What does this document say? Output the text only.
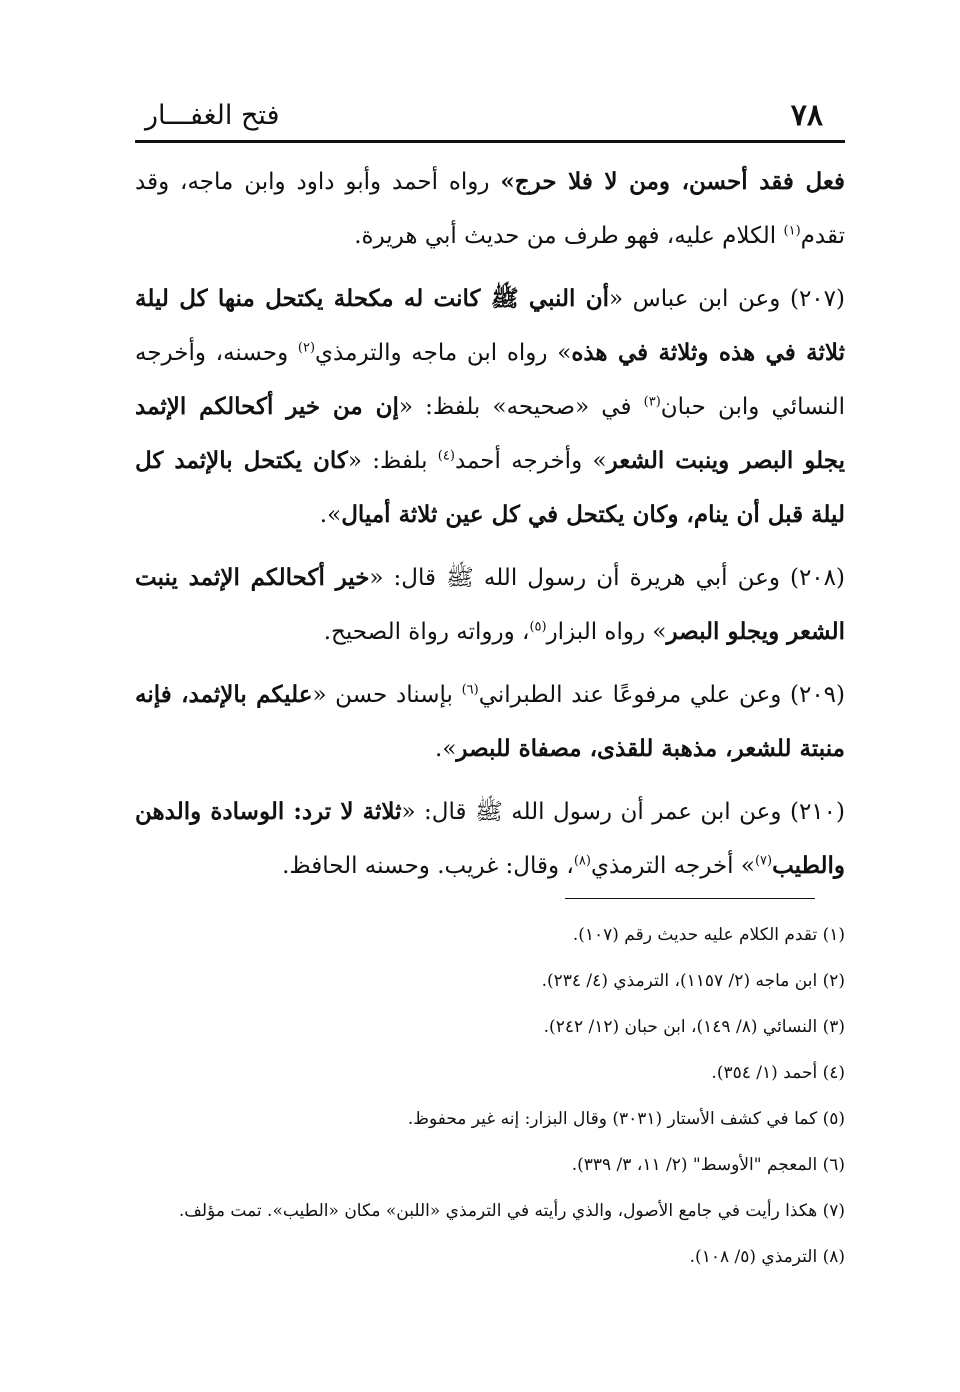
٧٨
فتح الغفـــار

فعل فقد أحسن، ومن لا فلا حرج» رواه أحمد وأبو داود وابن ماجه، وقد تقدم$^{(١)}$ الكلام عليه، فهو طرف من حديث أبي هريرة.

(٢٠٧) وعن ابن عباس «أن النبي ﷺ كانت له مكحلة يكتحل منها كل ليلة ثلاثة في هذه وثلاثة في هذه» رواه ابن ماجه والترمذي$^{(٢)}$ وحسنه، وأخرجه النسائي وابن حبان$^{(٣)}$ في «صحيحه» بلفظ: «إن من خير أكحالكم الإثمد يجلو البصر وينبت الشعر» وأخرجه أحمد$^{(٤)}$ بلفظ: «كان يكتحل بالإثمد كل ليلة قبل أن ينام، وكان يكتحل في كل عين ثلاثة أميال».

(٢٠٨) وعن أبي هريرة أن رسول الله ﷺ قال: «خير أكحالكم الإثمد ينبت الشعر ويجلو البصر» رواه البزار$^{(٥)}$، ورواته رواة الصحيح.

(٢٠٩) وعن علي مرفوعًا عند الطبراني$^{(٦)}$ بإسناد حسن «عليكم بالإثمد، فإنه منبتة للشعر، مذهبة للقذى، مصفاة للبصر».

(٢١٠) وعن ابن عمر أن رسول الله ﷺ قال: «ثلاثة لا ترد: الوسادة والدهن والطيب$^{(٧)}$» أخرجه الترمذي$^{(٨)}$، وقال: غريب. وحسنه الحافظ.

(١) تقدم الكلام عليه حديث رقم (١٠٧).

(٢) ابن ماجه (٢/ ١١٥٧)، الترمذي (٤/ ٢٣٤).

(٣) النسائي (٨/ ١٤٩)، ابن حبان (١٢/ ٢٤٢).

(٤) أحمد (١/ ٣٥٤).

(٥) كما في كشف الأستار (٣٠٣١) وقال البزار: إنه غير محفوظ.

(٦) المعجم "الأوسط" (٢/ ١١، ٣/ ٣٣٩).

(٧) هكذا رأيت في جامع الأصول، والذي رأيته في الترمذي «اللبن» مكان «الطيب». تمت مؤلف.

(٨) الترمذي (٥/ ١٠٨).
